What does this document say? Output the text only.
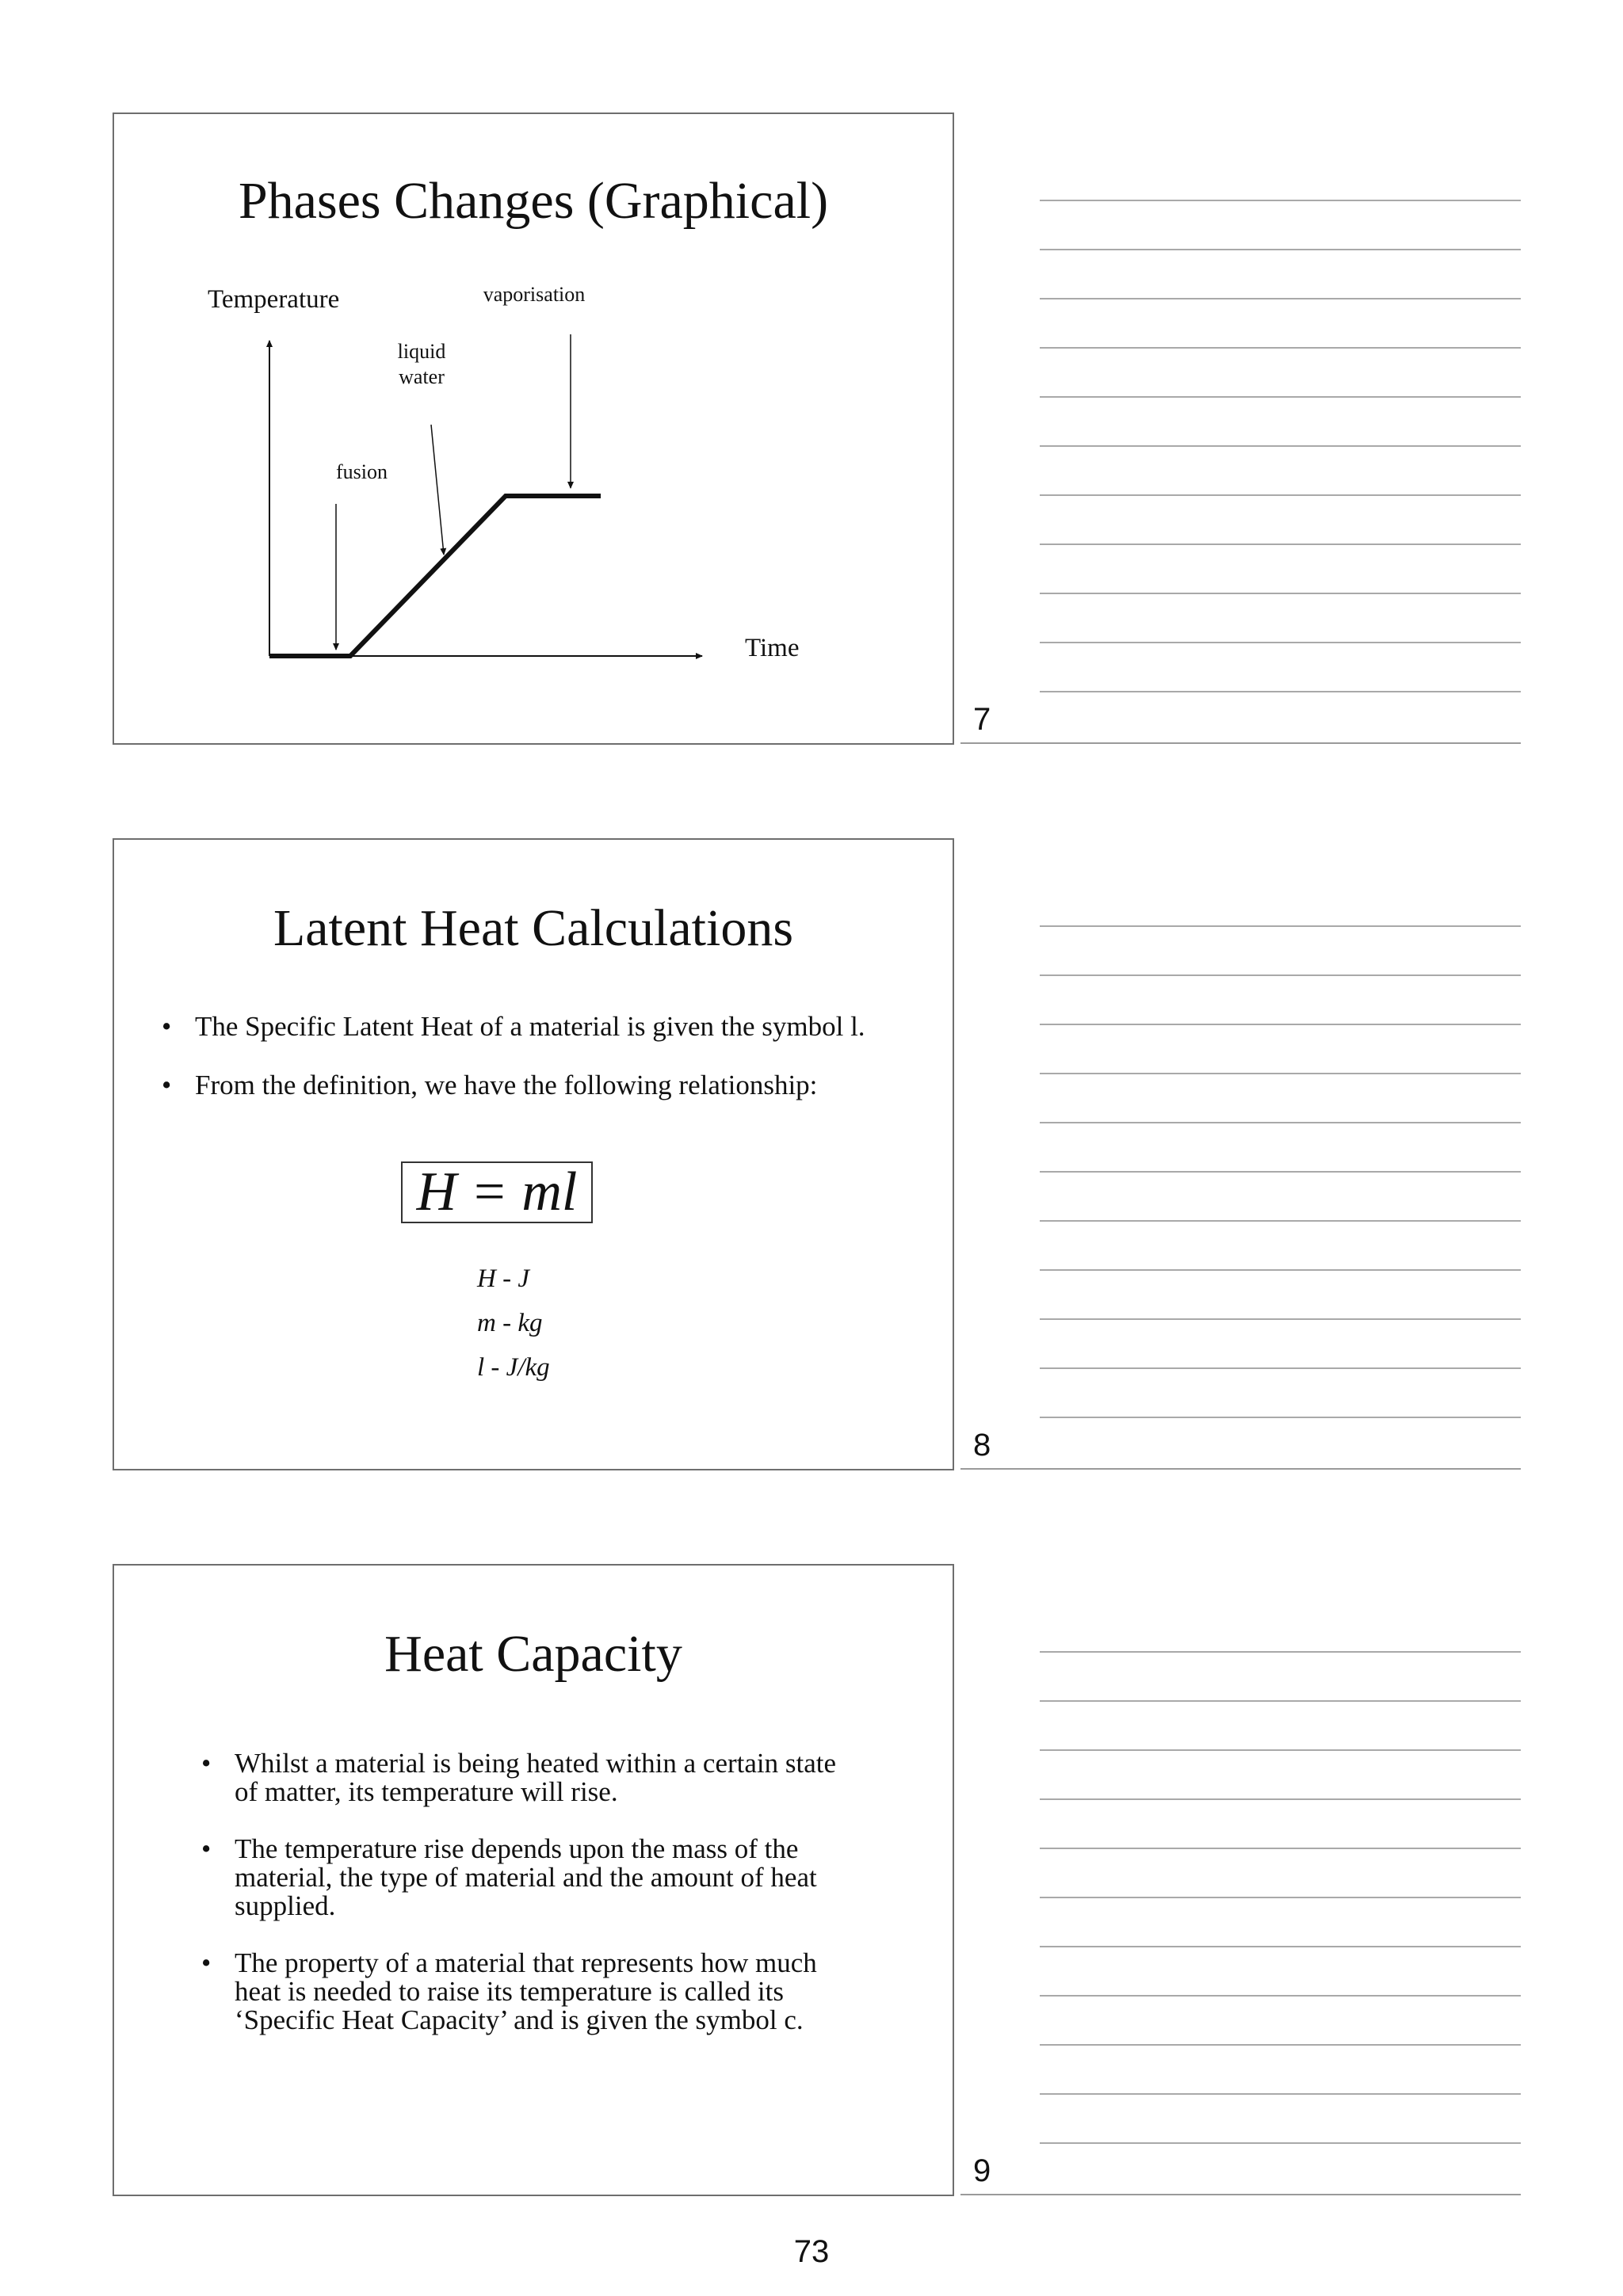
Phases Changes (Graphical)
Temperature
Time
fusion
liquid
water
vaporisation
7
Latent Heat Calculations
• The Specific Latent Heat of a material is given the symbol l.
• From the definition, we have the following relationship:
H = ml
H - J
m - kg
l - J/kg
8
Heat Capacity
• Whilst a material is being heated within a certain state
of matter, its temperature will rise.
• The temperature rise depends upon the mass of the
material, the type of material and the amount of heat
supplied.
• The property of a material that represents how much
heat is needed to raise its temperature is called its
‘Specific Heat Capacity’ and is given the symbol c.
9
73
